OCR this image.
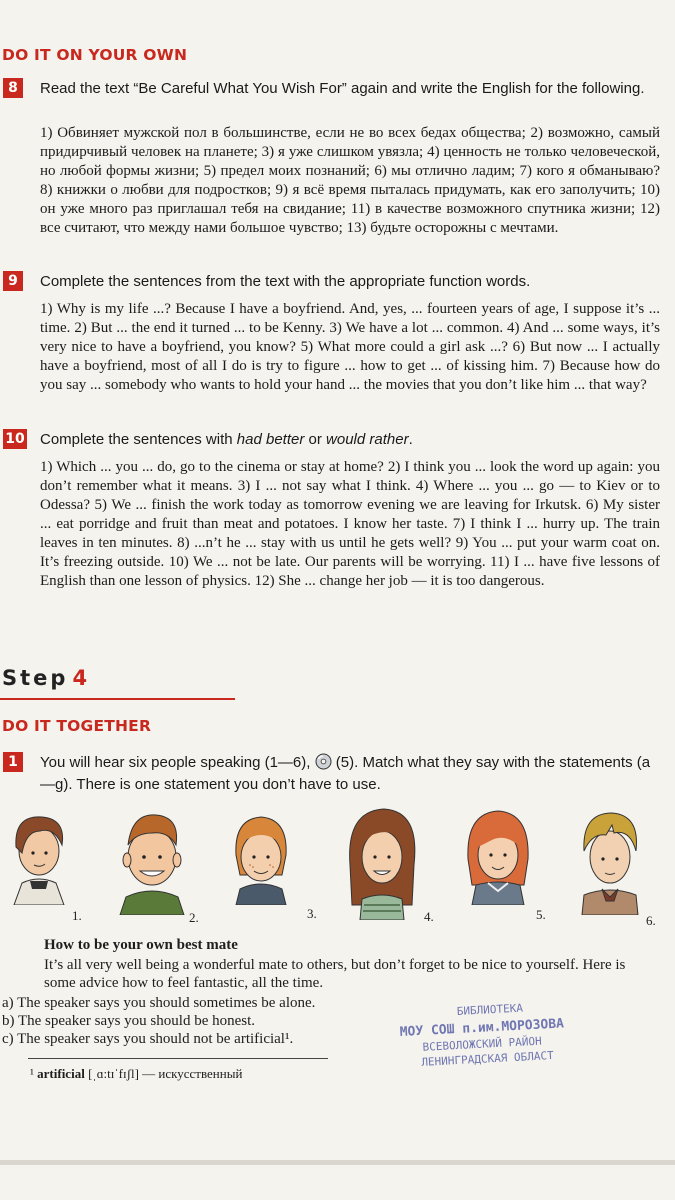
DO IT ON YOUR OWN
8	Read the text “Be Careful What You Wish For” again and write the English for the following.
1) Обвиняет мужской пол в большинстве, если не во всех бедах общества; 2) возможно, самый придирчивый человек на планете; 3) я уже слишком увязла; 4) ценность не только человеческой, но любой формы жизни; 5) предел моих познаний; 6) мы отлично ладим; 7) кого я обманываю? 8) книжки о любви для подростков; 9) я всё время пыталась придумать, как его заполучить; 10) он уже много раз приглашал тебя на свидание; 11) в качестве возможного спутника жизни; 12) все считают, что между нами большое чувство; 13) будьте осторожны с мечтами.
9	Complete the sentences from the text with the appropriate function words.
1) Why is my life ...? Because I have a boyfriend. And, yes, ... fourteen years of age, I suppose it’s ... time. 2) But ... the end it turned ... to be Kenny. 3) We have a lot ... common. 4) And ... some ways, it’s very nice to have a boyfriend, you know? 5) What more could a girl ask ...? 6) But now ... I actually have a boyfriend, most of all I do is try to figure ... how to get ... of kissing him. 7) Because how do you say ... somebody who wants to hold your hand ... the movies that you don’t like him ... that way?
10 Complete the sentences with had better or would rather.
1) Which ... you ... do, go to the cinema or stay at home? 2) I think you ... look the word up again: you don’t remember what it means. 3) I ... not say what I think. 4) Where ... you ... go — to Kiev or to Odessa? 5) We ... finish the work today as tomorrow evening we are leaving for Irkutsk. 6) My sister ... eat porridge and fruit than meat and potatoes. I know her taste. 7) I think I ... hurry up. The train leaves in ten minutes. 8) ...n’t he ... stay with us until he gets well? 9) You ... put your warm coat on. It’s freezing outside. 10) We ... not be late. Our parents will be worrying. 11) I ... have five lessons of English than one lesson of physics. 12) She ... change her job — it is too dangerous.
Step 4
DO IT TOGETHER
1	You will hear six people speaking (1—6),  (5). Match what they say with the statements (a—g). There is one statement you don’t have to use.
1.	2.	3.	4.	5.	6.
How to be your own best mate
It’s all very well being a wonderful mate to others, but don’t forget to be nice to yourself. Here is some advice how to feel fantastic, all the time.
a) The speaker says you should sometimes be alone.
b) The speaker says you should be honest.
c) The speaker says you should not be artificial¹.
¹ artificial [ˌɑ:tɪˈfɪʃl] — искусственный
БИБЛИОТЕКА
МОУ СОШ п.им.МОРОЗОВА
ВСЕВОЛОЖСКИЙ РАЙОН
ЛЕНИНГРАДСКАЯ ОБЛАСТ
